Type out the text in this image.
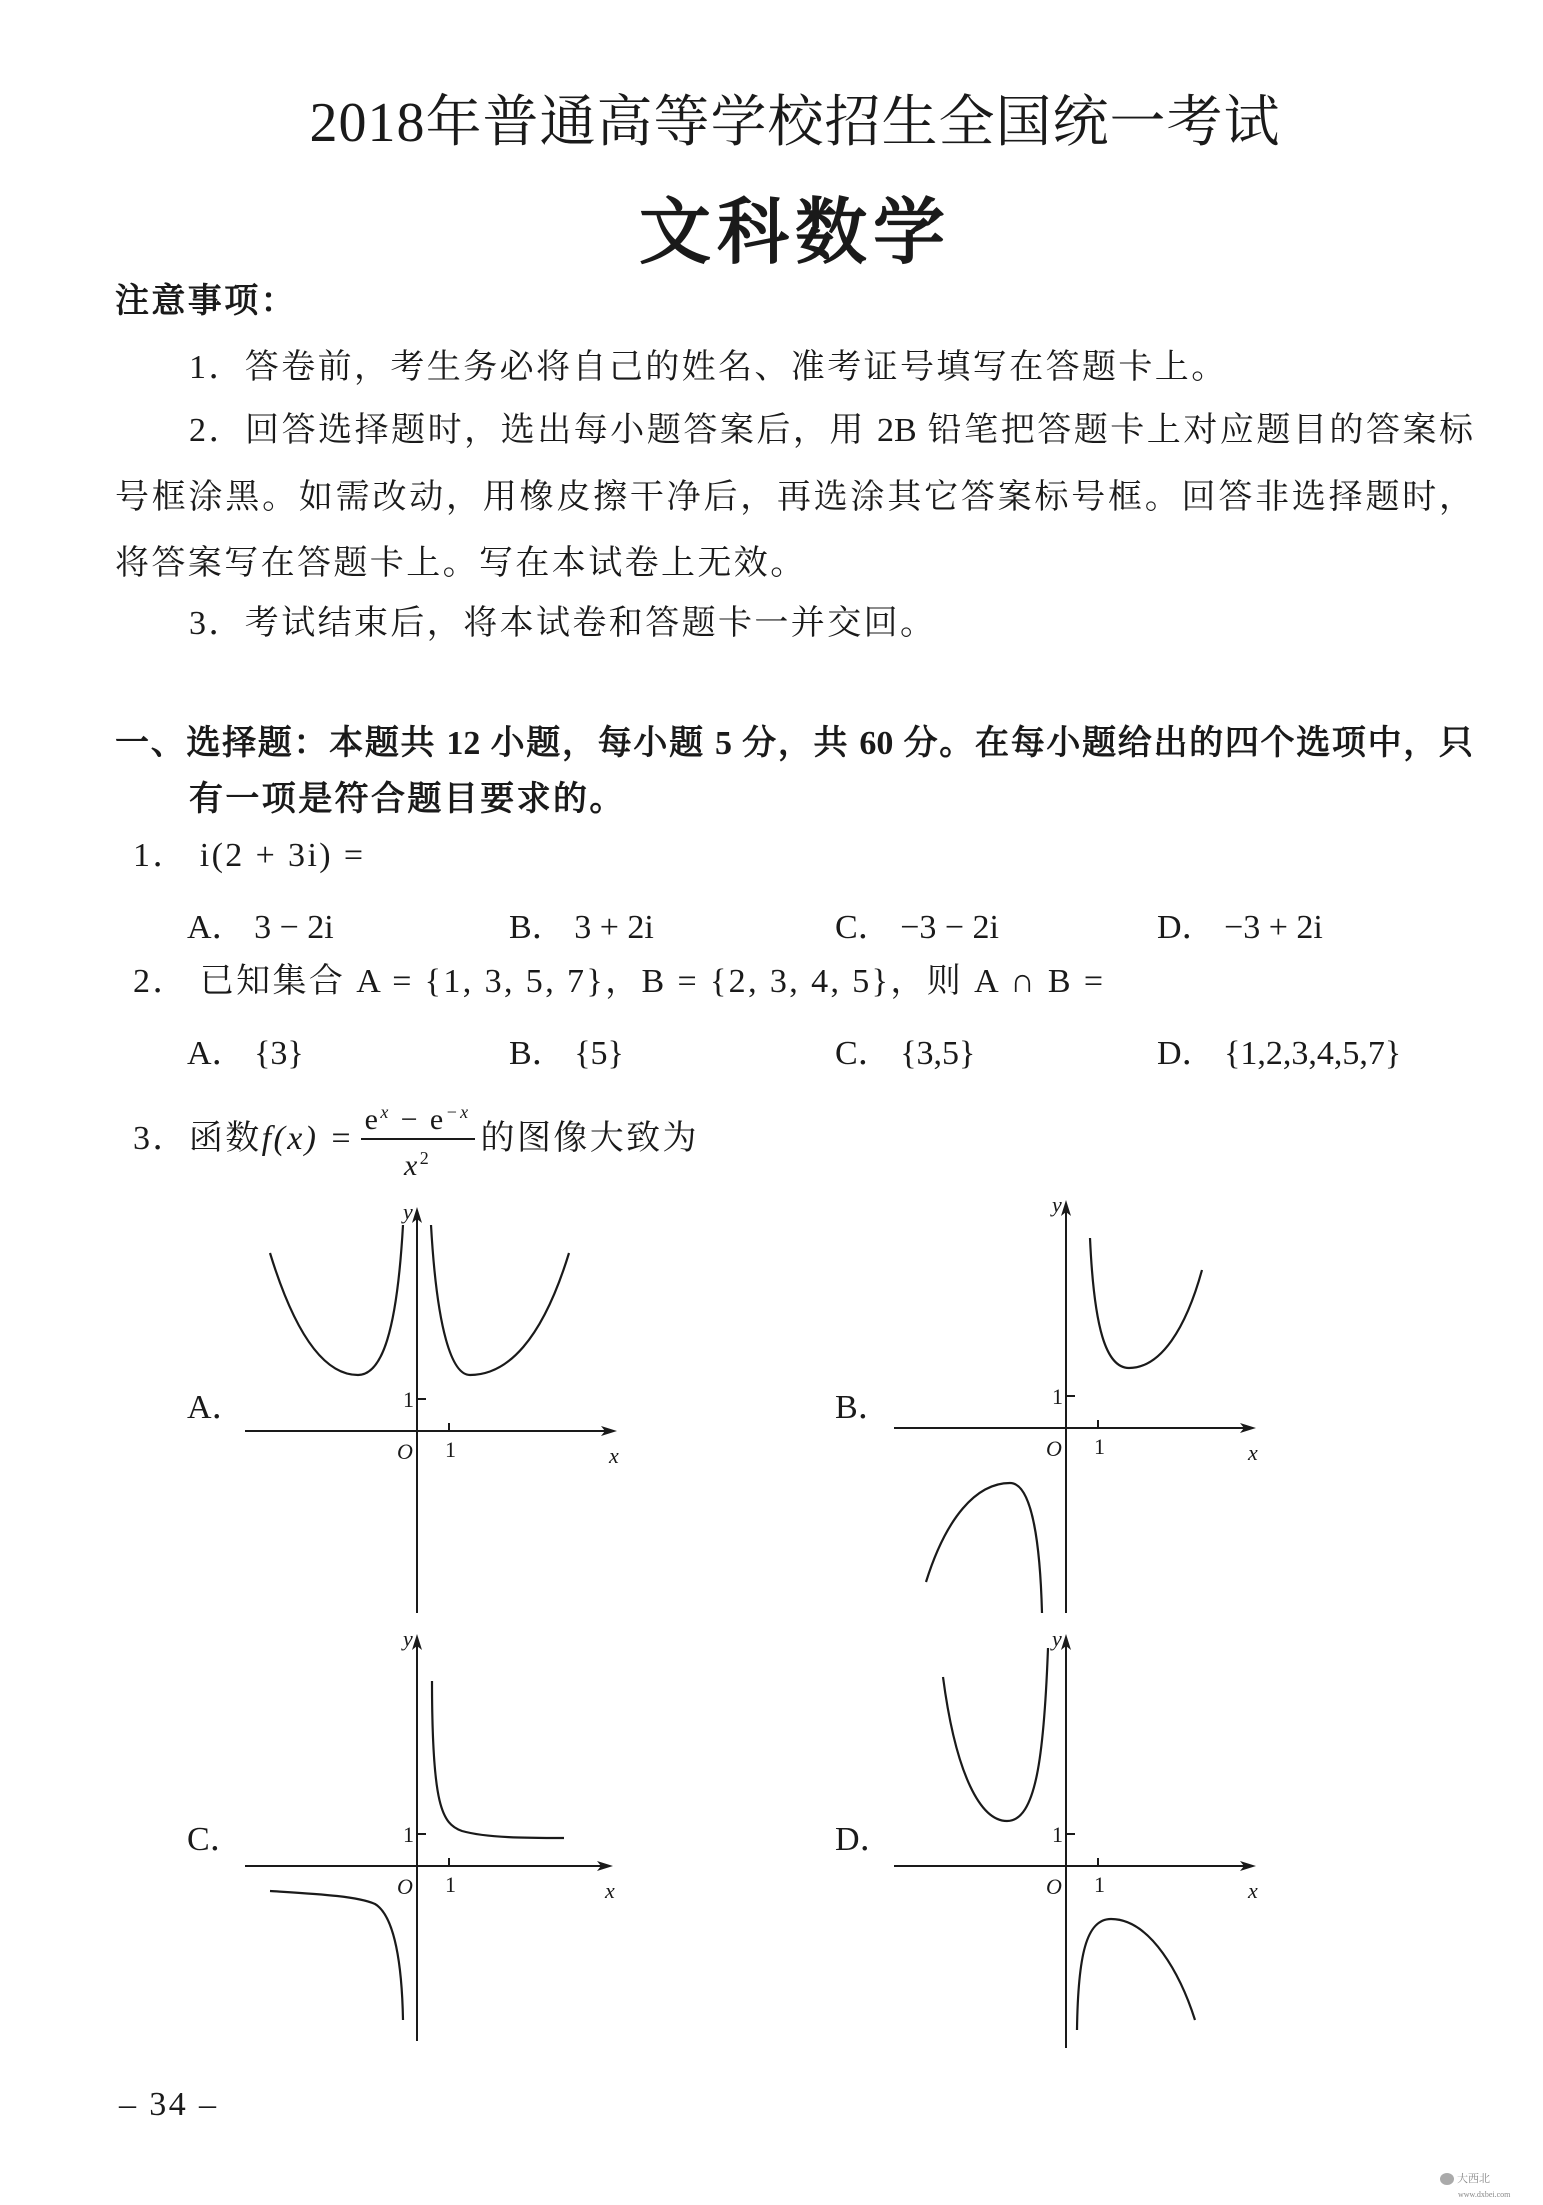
2018年普通高等学校招生全国统一考试
文科数学
注意事项：
1．答卷前，考生务必将自己的姓名、准考证号填写在答题卡上。
2．回答选择题时，选出每小题答案后，用 2B 铅笔把答题卡上对应题目的答案标
号框涂黑。如需改动，用橡皮擦干净后，再选涂其它答案标号框。回答非选择题时，
将答案写在答题卡上。写在本试卷上无效。
3．考试结束后，将本试卷和答题卡一并交回。
一、选择题：本题共 12 小题，每小题 5 分，共 60 分。在每小题给出的四个选项中，只
有一项是符合题目要求的。
1． i(2 + 3i) =
A． 3 − 2i	B． 3 + 2i	C． −3 − 2i	D． −3 + 2i
2． 已知集合 A = {1, 3, 5, 7}，B = {2, 3, 4, 5}，则 A ∩ B =
A． {3}	B． {5}	C． {3,5}	D． {1,2,3,4,5,7}
3． 函数 $f(x) = \frac{e^x - e^{-x}}{x^2}$ 的图像大致为
A．
y
x
O 1
1	B．
y
x
O 1
1
C．
y
x
O 1
1	D．
y
x
O 1
1
– 34 –
大西北
www.dxbei.com
